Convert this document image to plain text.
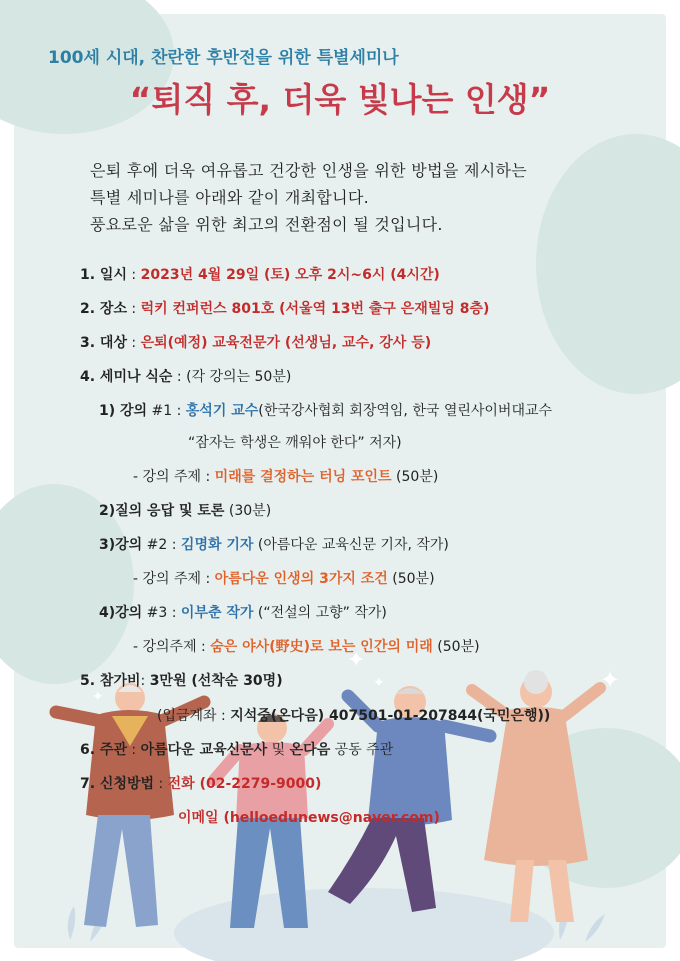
✦
✦	✦
✦

100세 시대, 찬란한 후반전을 위한 특별세미나

“퇴직 후, 더욱 빛나는 인생”

은퇴 후에 더욱 여유롭고 건강한 인생을 위한 방법을 제시하는

특별 세미나를 아래와 같이 개최합니다.

풍요로운 삶을 위한 최고의 전환점이 될 것입니다.

1. 일시 : 2023년 4월 29일 (토) 오후 2시~6시 (4시간)

2. 장소 : 럭키 컨퍼런스 801호 (서울역 13번 출구 은재빌딩 8층)

3. 대상 : 은퇴(예정) 교육전문가 (선생님, 교수, 강사 등)

4. 세미나 식순 : (각 강의는 50분)

1) 강의 #1 : 홍석기 교수(한국강사협회 회장역임, 한국 열린사이버대교수

“잠자는 학생은 깨워야 한다” 저자)

- 강의 주제 : 미래를 결정하는 터닝 포인트 (50분)

2)질의 응답 및 토론 (30분)

3)강의 #2 : 김명화 기자 (아름다운 교육신문 기자, 작가)

- 강의 주제 : 아름다운 인생의 3가지 조건 (50분)

4)강의 #3 : 이부춘 작가 (“전설의 고향” 작가)

- 강의주제 : 숨은 야사(野史)로 보는 인간의 미래 (50분)

5. 참가비: 3만원 (선착순 30명)

(입금계좌 : 지석중(온다음) 407501-01-207844(국민은행))

6. 주관 : 아름다운 교육신문사 및 온다음 공동 주관

7. 신청방법 : 전화 (02-2279-9000)

이메일 (helloedunews@naver.com)
